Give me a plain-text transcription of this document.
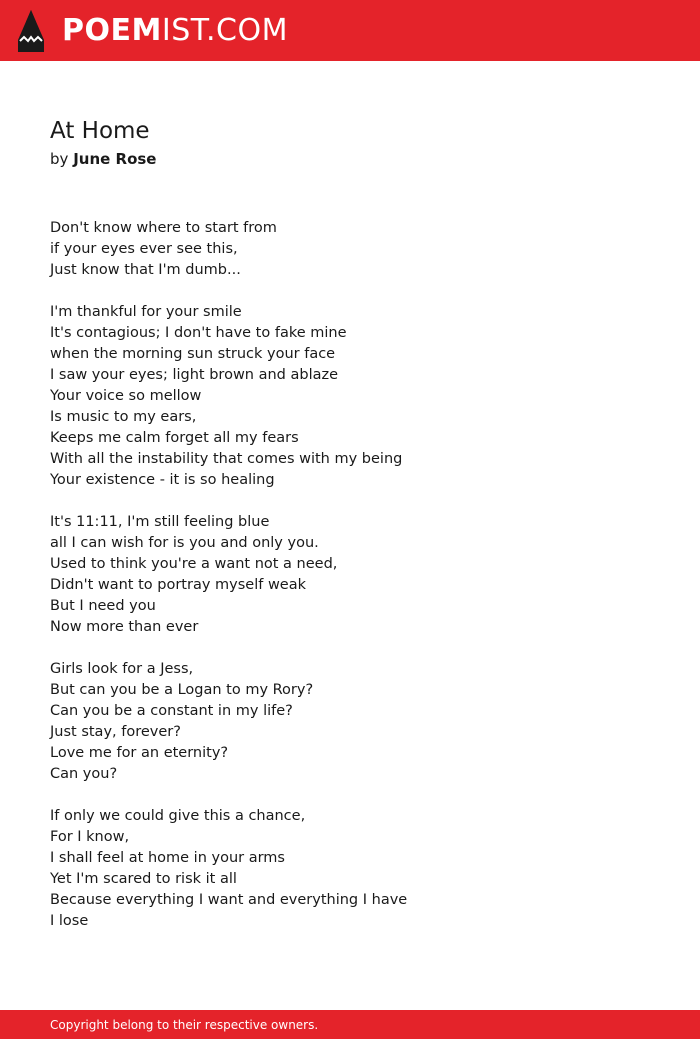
POEMIST.COM
At Home
by June Rose
Don't know where to start from
if your eyes ever see this,
Just know that I'm dumb...
I'm thankful for your smile
It's contagious; I don't have to fake mine
when the morning sun struck your face
I saw your eyes; light brown and ablaze
Your voice so mellow
Is music to my ears,
Keeps me calm forget all my fears
With all the instability that comes with my being
Your existence - it is so healing
It's 11:11, I'm still feeling blue
all I can wish for is you and only you.
Used to think you're a want not a need,
Didn't want to portray myself weak
But I need you
Now more than ever
Girls look for a Jess,
But can you be a Logan to my Rory?
Can you be a constant in my life?
Just stay, forever?
Love me for an eternity?
Can you?
If only we could give this a chance,
For I know,
I shall feel at home in your arms
Yet I'm scared to risk it all
Because everything I want and everything I have
I lose
Copyright belong to their respective owners.
